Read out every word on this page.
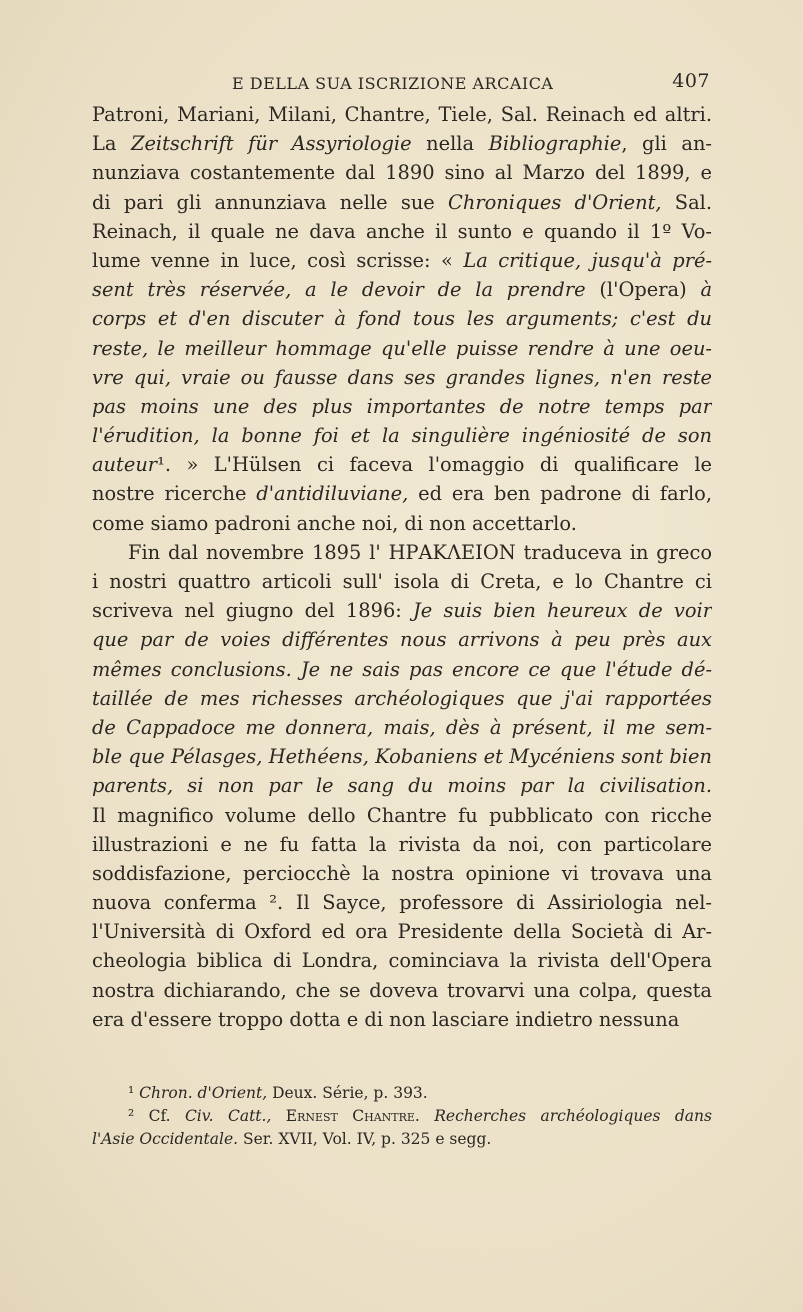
E DELLA SUA ISCRIZIONE ARCAICA	407
Patroni, Mariani, Milani, Chantre, Tiele, Sal. Reinach ed altri.
La Zeitschrift für Assyriologie nella Bibliographie, gli an-
nunziava costantemente dal 1890 sino al Marzo del 1899, e
di pari gli annunziava nelle sue Chroniques d'Orient, Sal.
Reinach, il quale ne dava anche il sunto e quando il 1º Vo-
lume venne in luce, così scrisse: « La critique, jusqu'à pré-
sent très réservée, a le devoir de la prendre (l'Opera) à
corps et d'en discuter à fond tous les arguments; c'est du
reste, le meilleur hommage qu'elle puisse rendre à une oeu-
vre qui, vraie ou fausse dans ses grandes lignes, n'en reste
pas moins une des plus importantes de notre temps par
l'érudition, la bonne foi et la singulière ingéniosité de son
auteur¹. » L'Hülsen ci faceva l'omaggio di qualificare le
nostre ricerche d'antidiluviane, ed era ben padrone di farlo,
come siamo padroni anche noi, di non accettarlo.
Fin dal novembre 1895 l' ΗΡΑΚΛΕΙΟΝ traduceva in greco
i nostri quattro articoli sull' isola di Creta, e lo Chantre ci
scriveva nel giugno del 1896: Je suis bien heureux de voir
que par de voies différentes nous arrivons à peu près aux
mêmes conclusions. Je ne sais pas encore ce que l'étude dé-
taillée de mes richesses archéologiques que j'ai rapportées
de Cappadoce me donnera, mais, dès à présent, il me sem-
ble que Pélasges, Hethéens, Kobaniens et Mycéniens sont bien
parents, si non par le sang du moins par la civilisation.
Il magnifico volume dello Chantre fu pubblicato con ricche
illustrazioni e ne fu fatta la rivista da noi, con particolare
soddisfazione, perciocchè la nostra opinione vi trovava una
nuova conferma ². Il Sayce, professore di Assiriologia nel-
l'Università di Oxford ed ora Presidente della Società di Ar-
cheologia biblica di Londra, cominciava la rivista dell'Opera
nostra dichiarando, che se doveva trovarvi una colpa, questa
era d'essere troppo dotta e di non lasciare indietro nessuna
¹ Chron. d'Orient, Deux. Série, p. 393.
² Cf. Civ. Catt., Ernest Chantre. Recherches archéologiques dans
l'Asie Occidentale. Ser. XVII, Vol. IV, p. 325 e segg.
